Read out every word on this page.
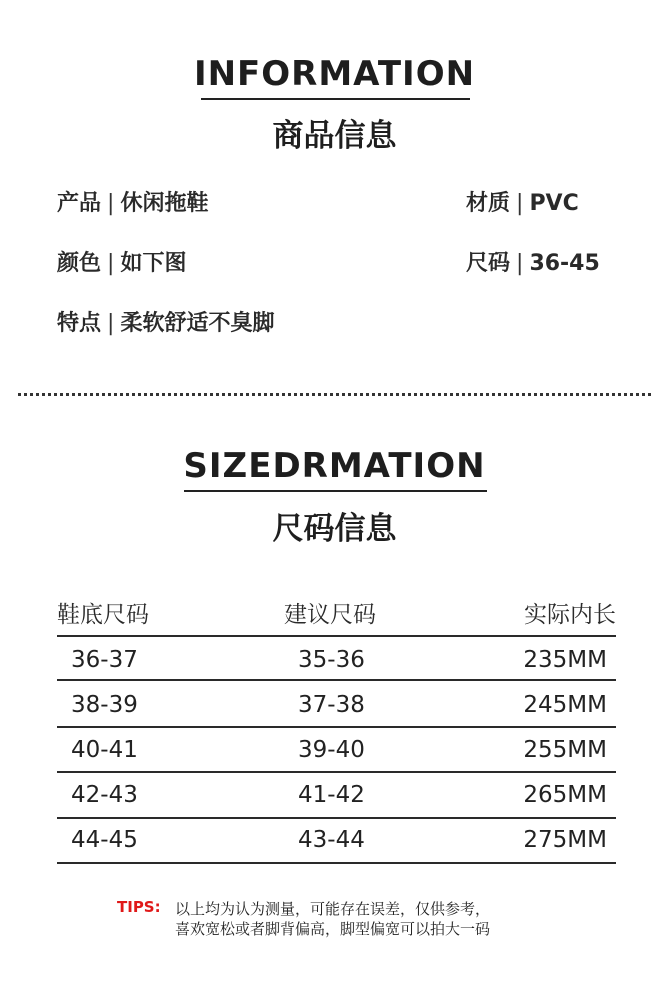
INFORMATION
商品信息
产品 | 休闲拖鞋	材质 | PVC
颜色 | 如下图	尺码 | 36-45
特点 | 柔软舒适不臭脚
SIZEDRMATION
尺码信息
鞋底尺码	建议尺码	实际内长
36-37	35-36	235MM
38-39	37-38	245MM
40-41	39-40	255MM
42-43	41-42	265MM
44-45	43-44	275MM
TIPS: 以上均为认为测量，可能存在误差，仅供参考，
喜欢宽松或者脚背偏高，脚型偏宽可以拍大一码
